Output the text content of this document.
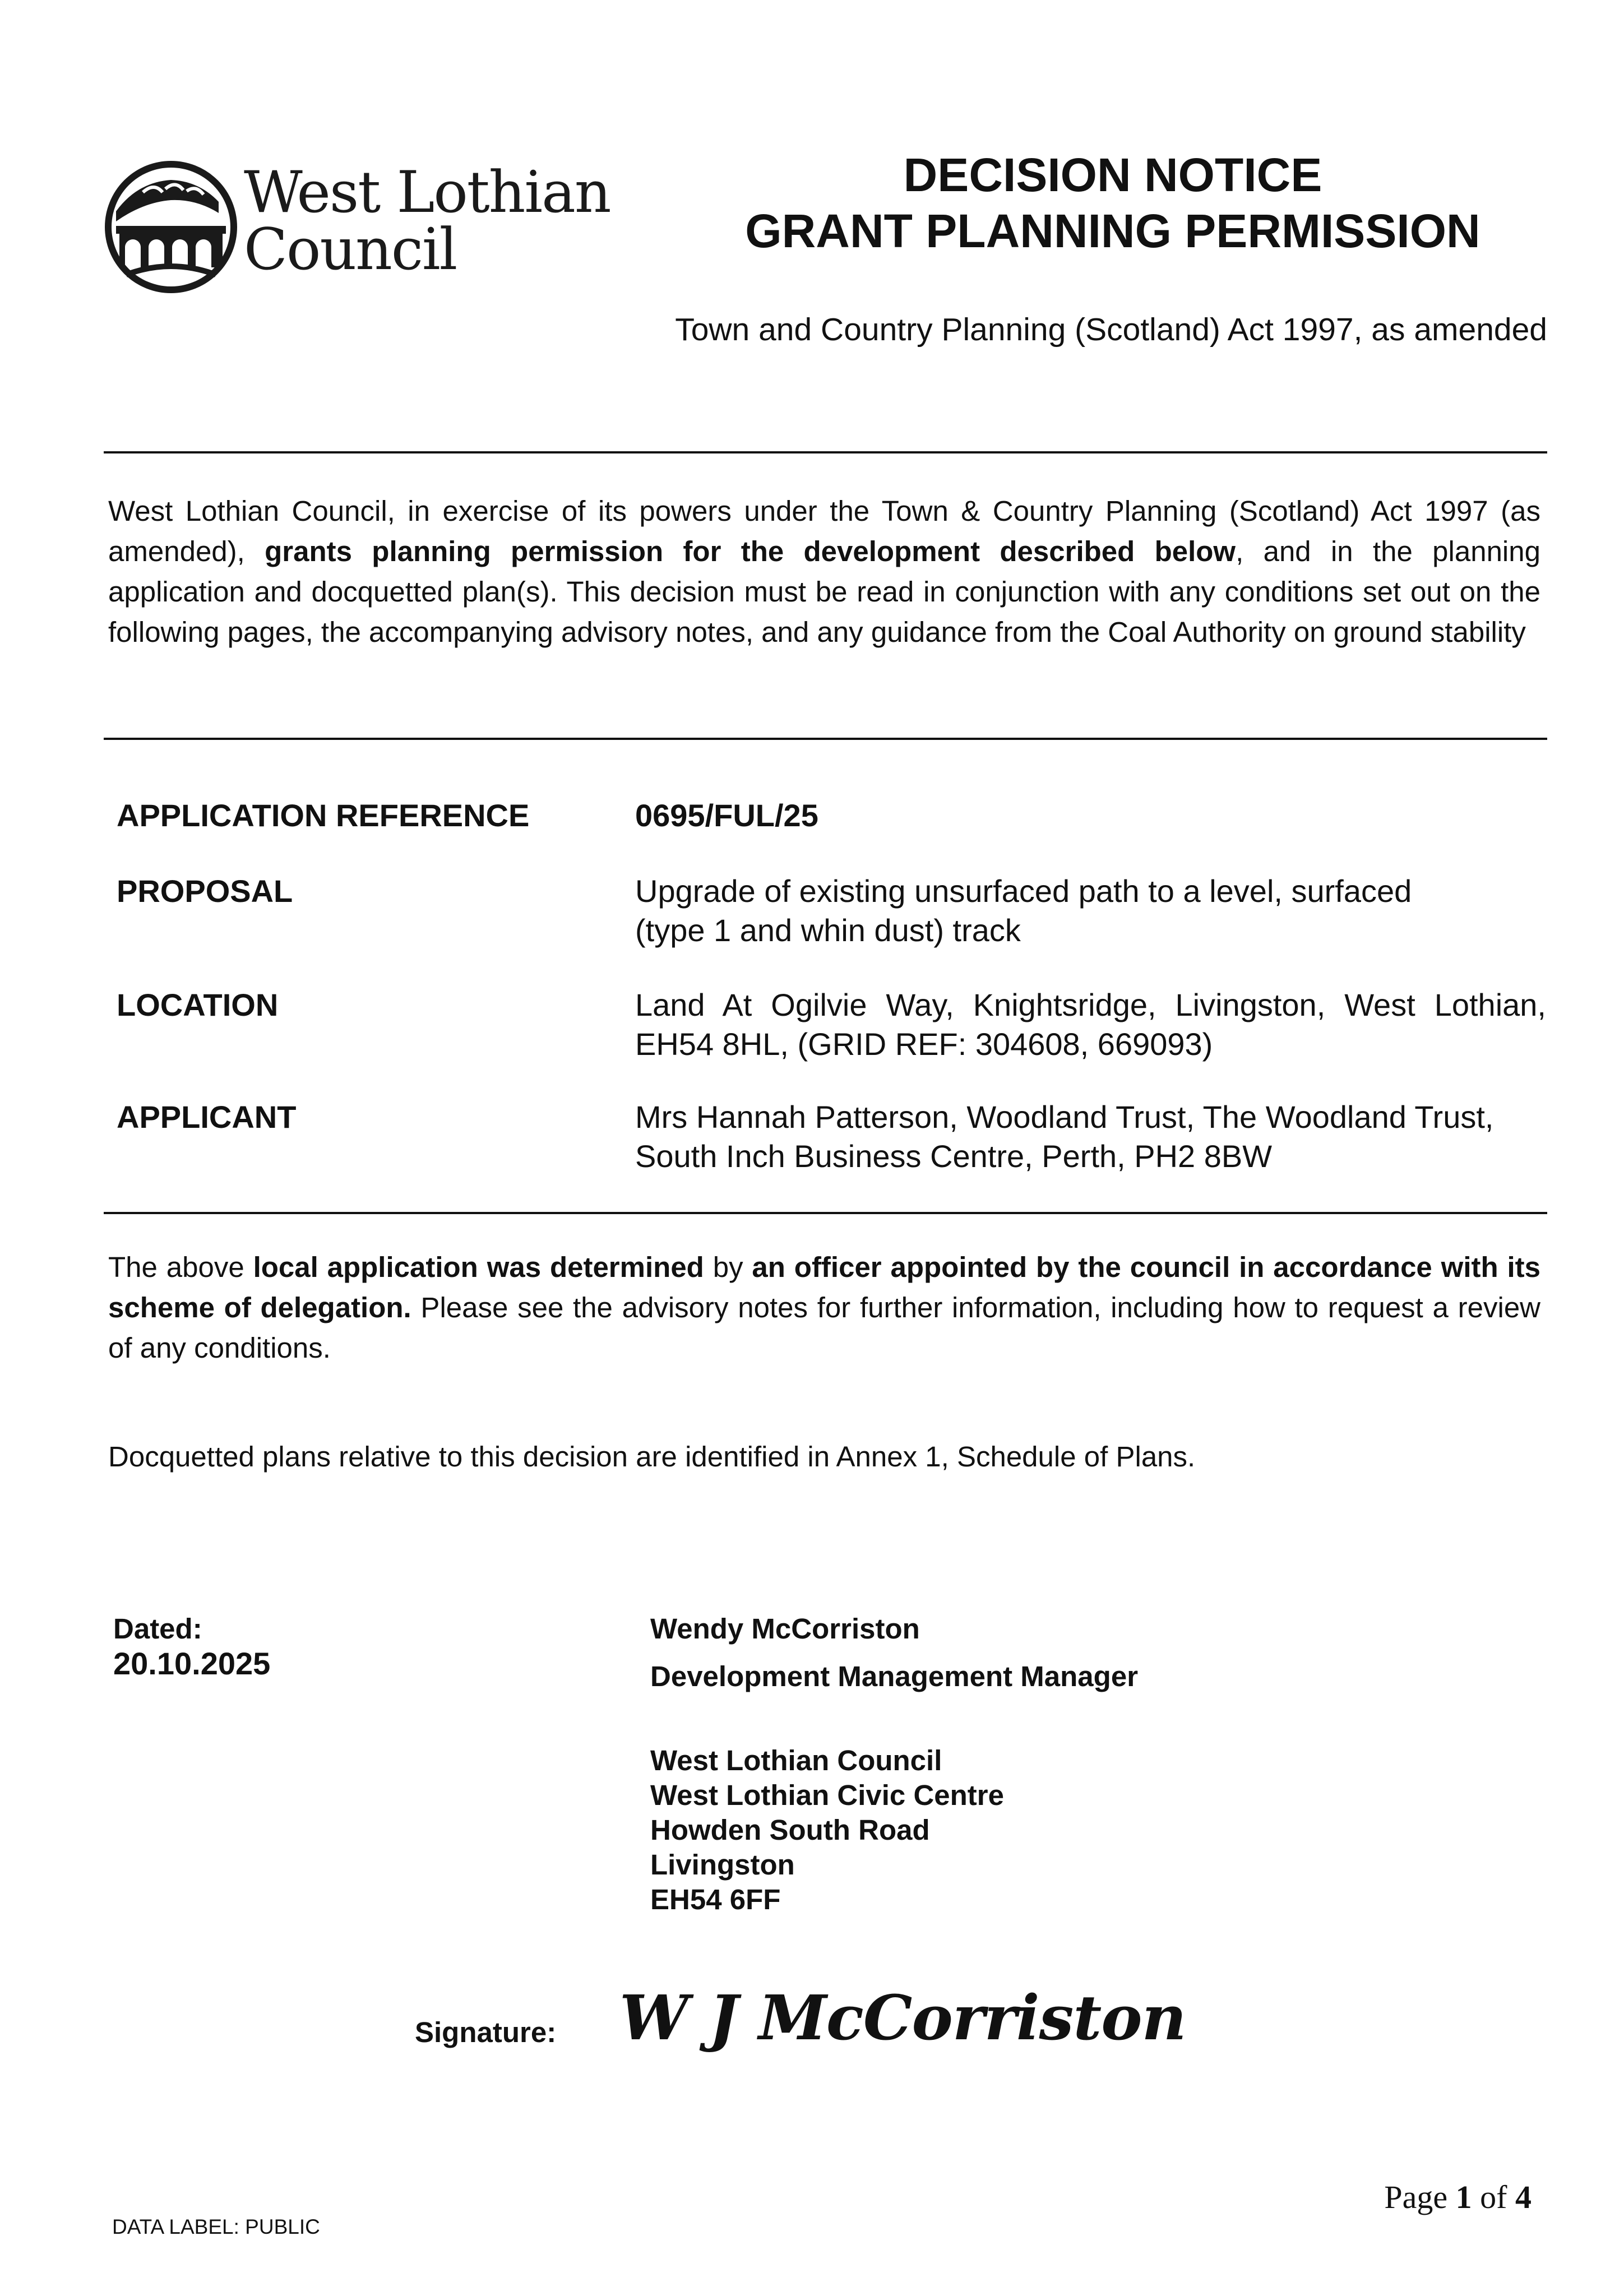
West Lothian
Council
DECISION NOTICE
GRANT PLANNING PERMISSION
Town and Country Planning (Scotland) Act 1997, as amended
West Lothian Council, in exercise of its powers under the Town & Country Planning (Scotland) Act 1997 (as amended), grants planning permission for the development described below, and in the planning application and docquetted plan(s). This decision must be read in conjunction with any conditions set out on the following pages, the accompanying advisory notes, and any guidance from the Coal Authority on ground stability
APPLICATION REFERENCE	0695/FUL/25
PROPOSAL	Upgrade of existing unsurfaced path to a level, surfaced
(type 1 and whin dust) track
LOCATION	Land At Ogilvie Way, Knightsridge, Livingston, West Lothian,
EH54 8HL, (GRID REF: 304608, 669093)
APPLICANT	Mrs Hannah Patterson, Woodland Trust, The Woodland Trust,
South Inch Business Centre, Perth, PH2 8BW
The above local application was determined by an officer appointed by the council in accordance with its scheme of delegation. Please see the advisory notes for further information, including how to request a review of any conditions.
Docquetted plans relative to this decision are identified in Annex 1, Schedule of Plans.
Dated:
20.10.2025
Wendy McCorriston
Development Management Manager
West Lothian Council
West Lothian Civic Centre
Howden South Road
Livingston
EH54 6FF
Signature: W J McCorriston
Page 1 of 4
DATA LABEL: PUBLIC
